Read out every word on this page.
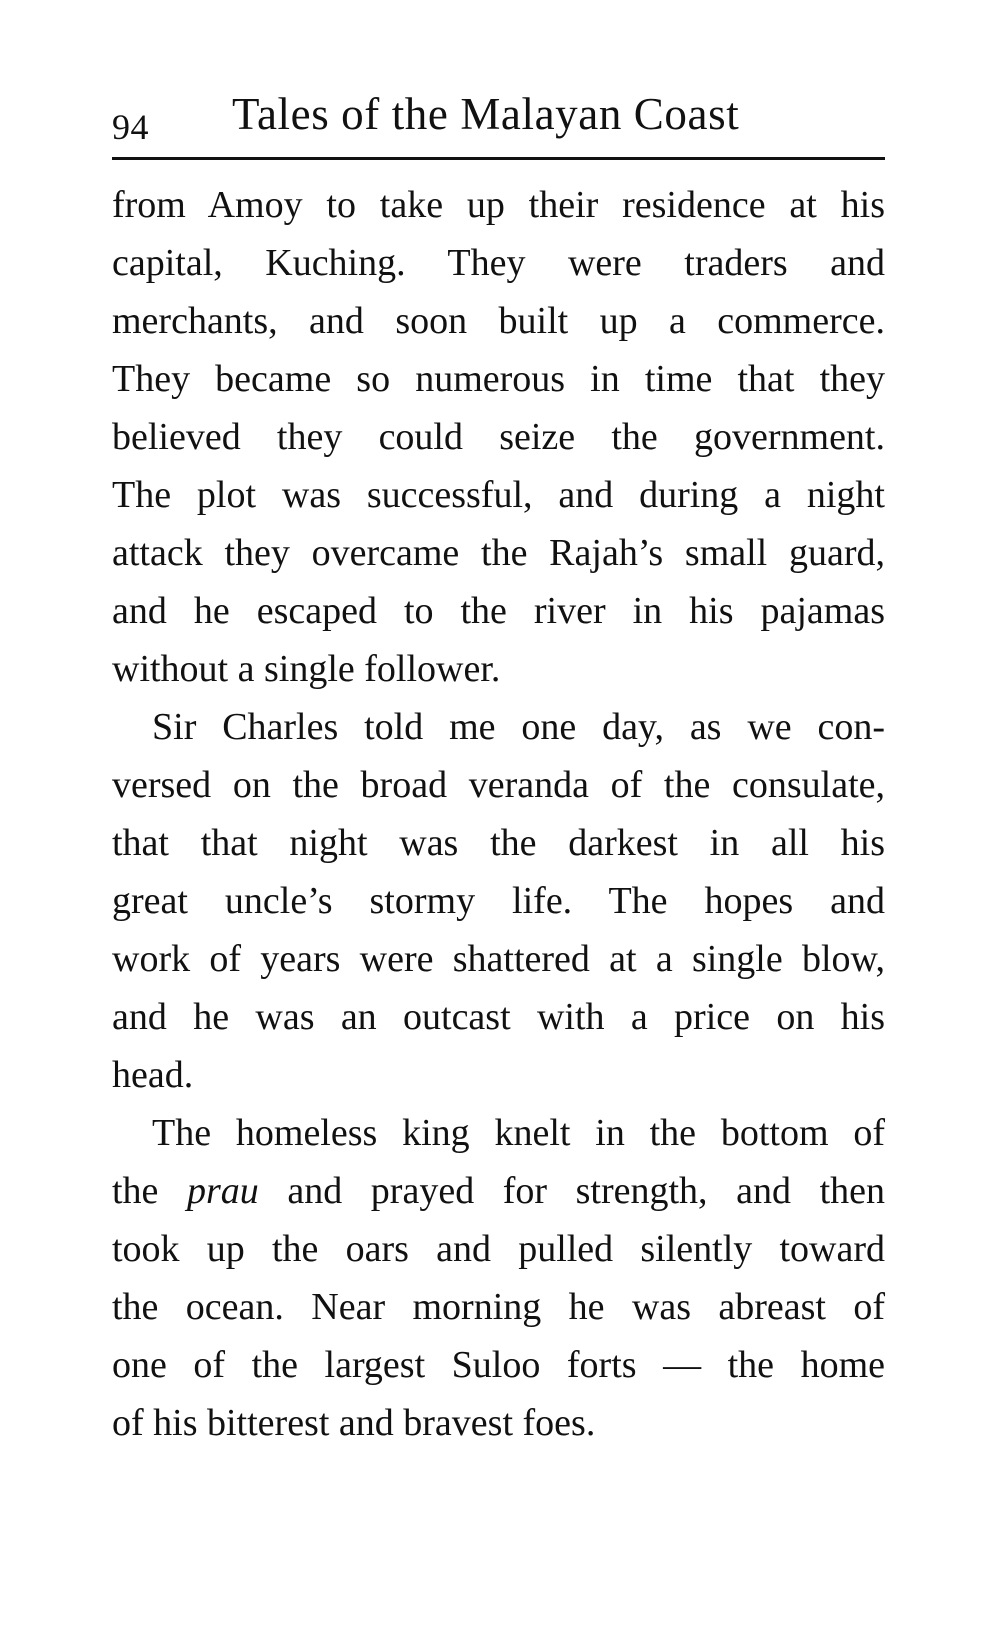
94 Tales of the Malayan Coast
from Amoy to take up their residence at his
capital, Kuching. They were traders and
merchants, and soon built up a commerce.
They became so numerous in time that they
believed they could seize the government.
The plot was successful, and during a night
attack they overcame the Rajah’s small guard,
and he escaped to the river in his pajamas
without a single follower.
Sir Charles told me one day, as we con-
versed on the broad veranda of the consulate,
that that night was the darkest in all his
great uncle’s stormy life. The hopes and
work of years were shattered at a single blow,
and he was an outcast with a price on his
head.
The homeless king knelt in the bottom of
the prau and prayed for strength, and then
took up the oars and pulled silently toward
the ocean. Near morning he was abreast of
one of the largest Suloo forts — the home
of his bitterest and bravest foes.
